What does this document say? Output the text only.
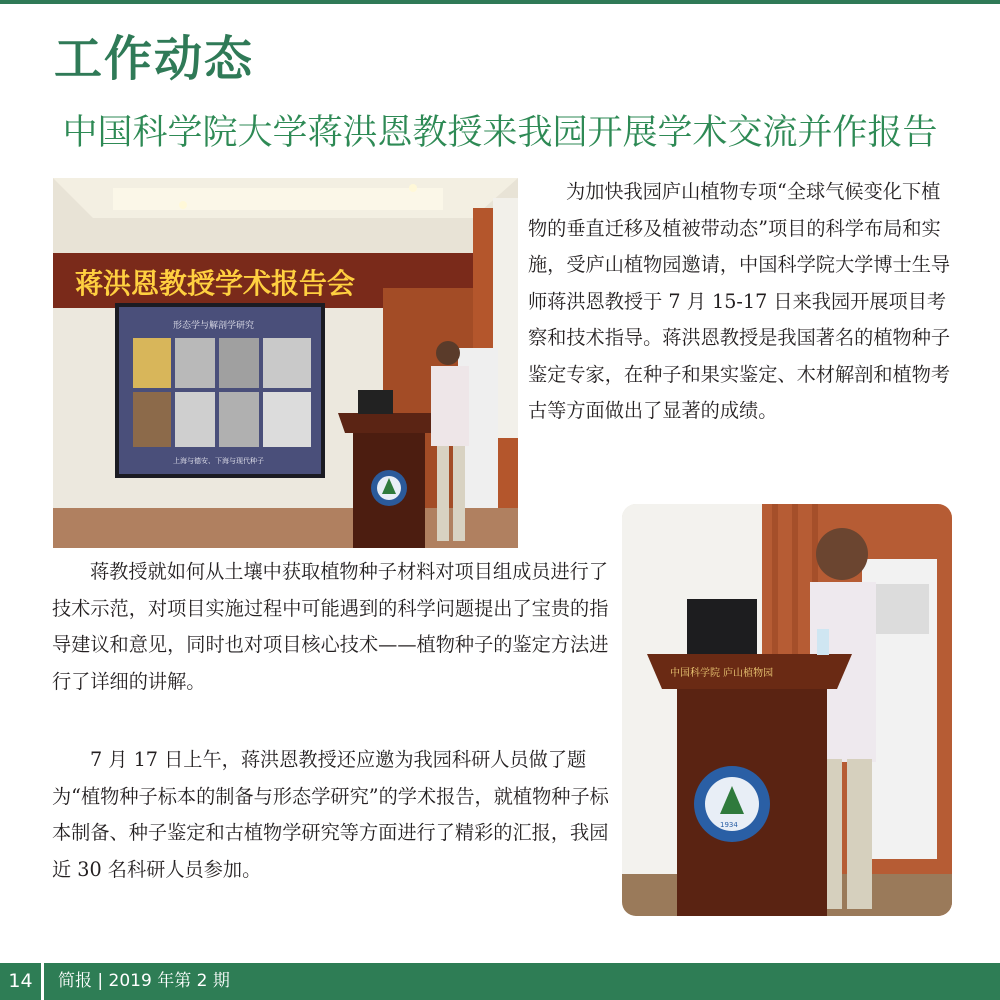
工作动态
中国科学院大学蒋洪恩教授来我园开展学术交流并作报告
蒋洪恩教授学术报告会
形态学与解剖学研究
上海与德安、下海与现代种子

为加快我园庐山植物专项“全球气候变化下植物的垂直迁移及植被带动态”项目的科学布局和实施，受庐山植物园邀请，中国科学院大学博士生导师蒋洪恩教授于 7 月 15-17 日来我园开展项目考察和技术指导。蒋洪恩教授是我国著名的植物种子鉴定专家，在种子和果实鉴定、木材解剖和植物考古等方面做出了显著的成绩。

蒋教授就如何从土壤中获取植物种子材料对项目组成员进行了技术示范，对项目实施过程中可能遇到的科学问题提出了宝贵的指导建议和意见，同时也对项目核心技术——植物种子的鉴定方法进行了详细的讲解。

7 月 17 日上午，蒋洪恩教授还应邀为我园科研人员做了题为“植物种子标本的制备与形态学研究”的学术报告，就植物种子标本制备、种子鉴定和古植物学研究等方面进行了精彩的汇报，我园近 30 名科研人员参加。

中国科学院 庐山植物园
1934
14	简报 | 2019 年第 2 期
